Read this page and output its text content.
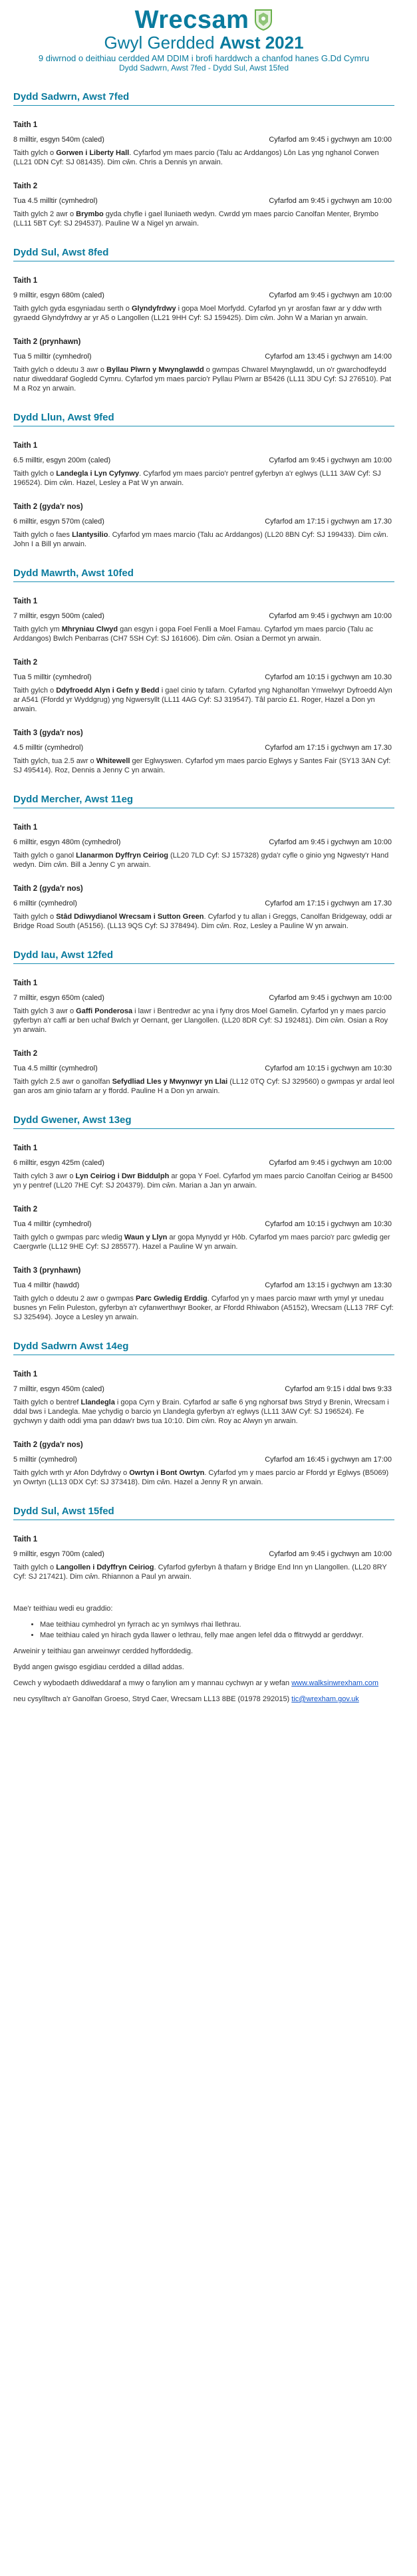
Wrecsam
Gwyl Gerdded Awst 2021
9 diwrnod o deithiau cerdded AM DDIM i brofi harddwch a chanfod hanes G.Dd Cymru
Dydd Sadwrn, Awst 7fed - Dydd Sul, Awst 15fed
Dydd Sadwrn, Awst 7fed
Taith 1
8 milltir, esgyn 540m (caled)	Cyfarfod am 9:45 i gychwyn am 10:00
Taith gylch o Gorwen i Liberty Hall. Cyfarfod ym maes parcio (Talu ac Arddangos) Lôn Las yng nghanol Corwen (LL21 0DN Cyf: SJ 081435). Dim cŵn. Chris a Dennis yn arwain.
Taith 2
Tua 4.5 milltir (cymhedrol)	Cyfarfod am 9:45 i gychwyn am 10:00
Taith gylch 2 awr o Brymbo gyda chyfle i gael lluniaeth wedyn. Cwrdd ym maes parcio Canolfan Menter, Brymbo (LL11 5BT Cyf: SJ 294537). Pauline W a Nigel yn arwain.
Dydd Sul, Awst 8fed
Taith 1
9 milltir, esgyn 680m (caled)	Cyfarfod am 9:45 i gychwyn am 10:00
Taith gylch gyda esgyniadau serth o Glyndyfrdwy i gopa Moel Morfydd. Cyfarfod yn yr arosfan fawr ar y ddw wrth gyraedd Glyndyfrdwy ar yr A5 o Langollen (LL21 9HH Cyf: SJ 159425). Dim cŵn. John W a Marian yn arwain.
Taith 2 (prynhawn)
Tua 5 milltir (cymhedrol)	Cyfarfod am 13:45 i gychwyn am 14:00
Taith gylch o ddeutu 3 awr o Byllau Pîwrn y Mwynglawdd o gwmpas Chwarel Mwynglawdd, un o'r gwarchodfeydd natur diweddaraf Gogledd Cymru. Cyfarfod ym maes parcio'r Pyllau Pîwrn ar B5426 (LL11 3DU Cyf: SJ 276510). Pat M a Roz yn arwain.
Dydd Llun, Awst 9fed
Taith 1
6.5 milltir, esgyn 200m (caled)	Cyfarfod am 9:45 i gychwyn am 10:00
Taith gylch o Landegla i Lyn Cyfynwy. Cyfarfod ym maes parcio'r pentref gyferbyn a'r eglwys (LL11 3AW Cyf: SJ 196524). Dim cŵn. Hazel, Lesley a Pat W yn arwain.
Taith 2 (gyda'r nos)
6 milltir, esgyn 570m (caled)	Cyfarfod am 17:15 i gychwyn am 17.30
Taith gylch o faes Llantysilio. Cyfarfod ym maes marcio (Talu ac Arddangos) (LL20 8BN Cyf: SJ 199433). Dim cŵn. John I a Bill yn arwain.
Dydd Mawrth, Awst 10fed
Taith 1
7 milltir, esgyn 500m (caled)	Cyfarfod am 9:45 i gychwyn am 10:00
Taith gylch ym Mhryniau Clwyd gan esgyn i gopa Foel Fenlli a Moel Famau. Cyfarfod ym maes parcio (Talu ac Arddangos) Bwlch Penbarras (CH7 5SH Cyf: SJ 161606). Dim cŵn. Osian a Dermot yn arwain.
Taith 2
Tua 5 milltir (cymhedrol)	Cyfarfod am 10:15 i gychwyn am 10.30
Taith gylch o Ddyfroedd Alyn i Gefn y Bedd i gael cinio ty tafarn. Cyfarfod yng Nghanolfan Ymwelwyr Dyfroedd Alyn ar A541 (Ffordd yr Wyddgrug) yng Ngwersyllt (LL11 4AG Cyf: SJ 319547). Tâl parcio £1. Roger, Hazel a Don yn arwain.
Taith 3 (gyda'r nos)
4.5 milltir (cymhedrol)	Cyfarfod am 17:15 i gychwyn am 17.30
Taith gylch, tua 2.5 awr o Whitewell ger Eglwyswen. Cyfarfod ym maes parcio Eglwys y Santes Fair (SY13 3AN Cyf: SJ 495414). Roz, Dennis a Jenny C yn arwain.
Dydd Mercher, Awst 11eg
Taith 1
6 milltir, esgyn 480m (cymhedrol)	Cyfarfod am 9:45 i gychwyn am 10:00
Taith gylch o ganol Llanarmon Dyffryn Ceiriog (LL20 7LD Cyf: SJ 157328) gyda'r cyfle o ginio yng Ngwesty'r Hand wedyn. Dim cŵn. Bill a Jenny C yn arwain.
Taith 2 (gyda'r nos)
6 milltir (cymhedrol)	Cyfarfod am 17:15 i gychwyn am 17.30
Taith gylch o Stâd Ddiwydianol Wrecsam i Sutton Green. Cyfarfod y tu allan i Greggs, Canolfan Bridgeway, oddi ar Bridge Road South (A5156). (LL13 9QS Cyf: SJ 378494). Dim cŵn. Roz, Lesley a Pauline W yn arwain.
Dydd Iau, Awst 12fed
Taith 1
7 milltir, esgyn 650m (caled)	Cyfarfod am 9:45 i gychwyn am 10:00
Taith gylch 3 awr o Gaffi Ponderosa i lawr i Bentredwr ac yna i fyny dros Moel Gamelin. Cyfarfod yn y maes parcio gyferbyn a'r caffi ar ben uchaf Bwlch yr Oernant, ger Llangollen. (LL20 8DR Cyf: SJ 192481). Dim cŵn. Osian a Roy yn arwain.
Taith 2
Tua 4.5 milltir (cymhedrol)	Cyfarfod am 10:15 i gychwyn am 10:30
Taith gylch 2.5 awr o ganolfan Sefydliad Lles y Mwynwyr yn Llai (LL12 0TQ Cyf: SJ 329560) o gwmpas yr ardal leol gan aros am ginio tafarn ar y ffordd. Pauline H a Don yn arwain.
Dydd Gwener, Awst 13eg
Taith 1
6 milltir, esgyn 425m (caled)	Cyfarfod am 9:45 i gychwyn am 10:00
Taith cylch 3 awr o Lyn Ceiriog i Dwr Biddulph ar gopa Y Foel. Cyfarfod ym maes parcio Canolfan Ceiriog ar B4500 yn y pentref (LL20 7HE Cyf: SJ 204379). Dim cŵn. Marian a Jan yn arwain.
Taith 2
Tua 4 milltir (cymhedrol)	Cyfarfod am 10:15 i gychwyn am 10:30
Taith gylch o gwmpas parc wledig Waun y Llyn ar gopa Mynydd yr Hôb. Cyfarfod ym maes parcio'r parc gwledig ger Caergwrle (LL12 9HE Cyf: SJ 285577). Hazel a Pauline W yn arwain.
Taith 3 (prynhawn)
Tua 4 milltir (hawdd)	Cyfarfod am 13:15 i gychwyn am 13:30
Taith gylch o ddeutu 2 awr o gwmpas Parc Gwledig Erddig. Cyfarfod yn y maes parcio mawr wrth ymyl yr unedau busnes yn Felin Puleston, gyferbyn a'r cyfanwerthwyr Booker, ar Ffordd Rhiwabon (A5152), Wrecsam (LL13 7RF Cyf: SJ 325494). Joyce a Lesley yn arwain.
Dydd Sadwrn Awst 14eg
Taith 1
7 milltir, esgyn 450m (caled)	Cyfarfod am 9:15 i ddal bws 9:33
Taith gylch o bentref Llandegla i gopa Cyrn y Brain. Cyfarfod ar safle 6 yng nghorsaf bws Stryd y Brenin, Wrecsam i ddal bws i Landegla. Mae ychydig o barcio yn Llandegla gyferbyn a'r eglwys (LL11 3AW Cyf: SJ 196524). Fe gychwyn y daith oddi yma pan ddaw'r bws tua 10:10. Dim cŵn. Roy ac Alwyn yn arwain.
Taith 2 (gyda'r nos)
5 milltir (cymhedrol)	Cyfarfod am 16:45 i gychwyn am 17:00
Taith gylch wrth yr Afon Ddyfrdwy o Owrtyn i Bont Owrtyn. Cyfarfod ym y maes parcio ar Ffordd yr Eglwys (B5069) yn Owrtyn (LL13 0DX Cyf: SJ 373418). Dim cŵn. Hazel a Jenny R yn arwain.
Dydd Sul, Awst 15fed
Taith 1
9 milltir, esgyn 700m (caled)	Cyfarfod am 9:45 i gychwyn am 10:00
Taith gylch o Langollen i Ddyffryn Ceiriog. Cyfarfod gyferbyn â thafarn y Bridge End Inn yn Llangollen. (LL20 8RY Cyf: SJ 217421). Dim cŵn. Rhiannon a Paul yn arwain.

Mae'r teithiau wedi eu graddio:

• Mae teithiau cymhedrol yn fyrrach ac yn symlwys rhai llethrau.
• Mae teithiau caled yn hirach gyda llawer o lethrau, felly mae angen lefel dda o ffitrwydd ar gerddwyr.

Arweinir y teithiau gan arweinwyr cerdded hyfforddedig.

Bydd angen gwisgo esgidiau cerdded a dillad addas.

Cewch y wybodaeth ddiweddaraf a mwy o fanylion am y mannau cychwyn ar y wefan www.walksinwrexham.com

neu cysylltwch a'r Ganolfan Groeso, Stryd Caer, Wrecsam LL13 8BE (01978 292015) tic@wrexham.gov.uk
